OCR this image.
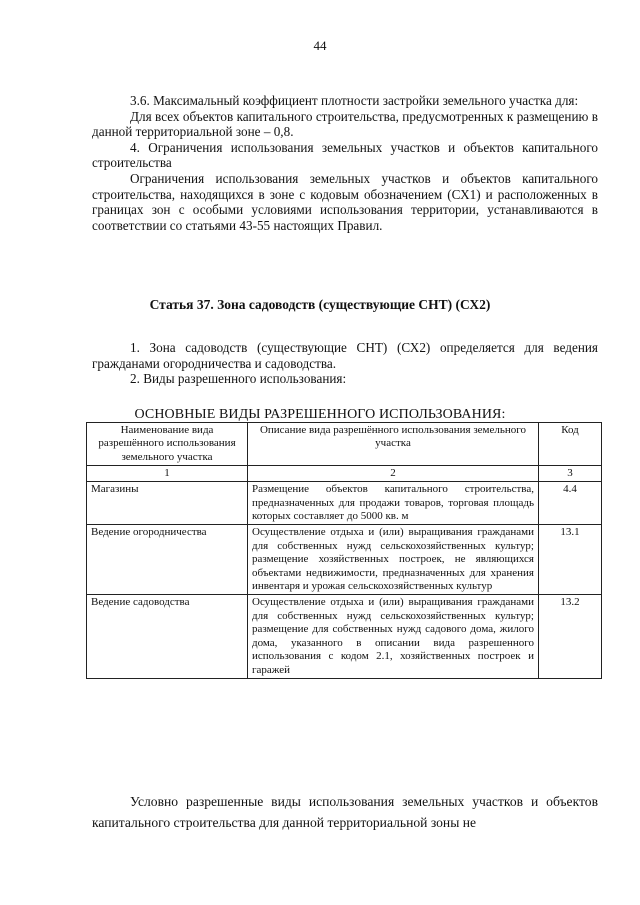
44

3.6. Максимальный коэффициент плотности застройки земельного участка для:

Для всех объектов капитального строительства, предусмотренных к размещению в данной территориальной зоне – 0,8.

4. Ограничения использования земельных участков и объектов капитального строительства

Ограничения использования земельных участков и объектов капитального строительства, находящихся в зоне с кодовым обозначением (СХ1) и расположенных в границах зон с особыми условиями использования территории, устанавливаются в соответствии со статьями 43-55 настоящих Правил.

Статья 37. Зона садоводств (существующие СНТ) (СХ2)

1. Зона садоводств (существующие СНТ) (СХ2) определяется для ведения гражданами огородничества и садоводства.

2. Виды разрешенного использования:

ОСНОВНЫЕ ВИДЫ РАЗРЕШЕННОГО ИСПОЛЬЗОВАНИЯ:
Наименование вида разрешённого использования земельного участка	Описание вида разрешённого использования земельного участка	Код
1	2	3
Магазины	Размещение объектов капитального строительства, предназначенных для продажи товаров, торговая площадь которых составляет до 5000 кв. м	4.4
Ведение огородничества	Осуществление отдыха и (или) выращивания гражданами для собственных нужд сельскохозяйственных культур; размещение хозяйственных построек, не являющихся объектами недвижимости, предназначенных для хранения инвентаря и урожая сельскохозяйственных культур	13.1
Ведение садоводства	Осуществление отдыха и (или) выращивания гражданами для собственных нужд сельскохозяйственных культур; размещение для собственных нужд садового дома, жилого дома, указанного в описании вида разрешенного использования с кодом 2.1, хозяйственных построек и гаражей	13.2

Условно разрешенные виды использования земельных участков и объектов капитального строительства для данной территориальной зоны не
